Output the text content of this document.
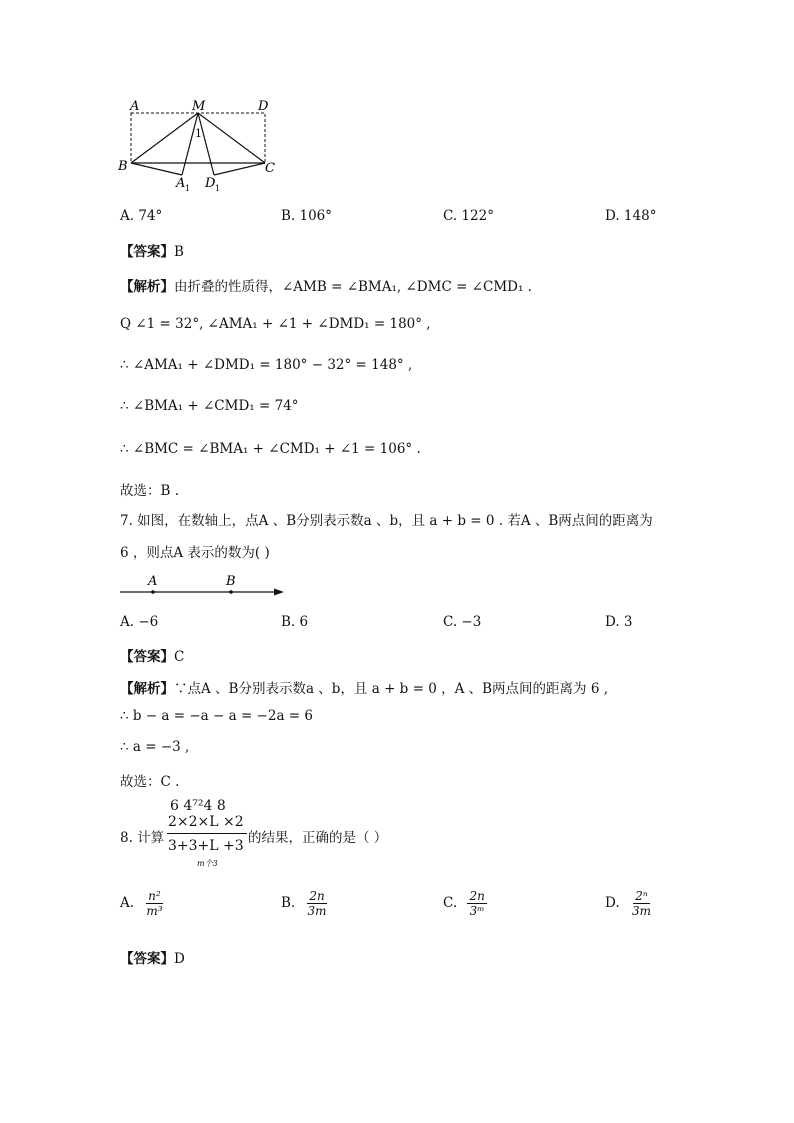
A	M	D
B	C
1
A 1 D 1
A. 74°	B. 106°	C. 122°	D. 148°
【答案】B
【解析】由折叠的性质得，∠AMB = ∠BMA₁, ∠DMC = ∠CMD₁ .
Q ∠1 = 32°, ∠AMA₁ + ∠1 + ∠DMD₁ = 180° ,
∴ ∠AMA₁ + ∠DMD₁ = 180° − 32° = 148° ,
∴ ∠BMA₁ + ∠CMD₁ = 74°
∴ ∠BMC = ∠BMA₁ + ∠CMD₁ + ∠1 = 106° .
故选：B .
7. 如图，在数轴上，点A 、B分别表示数a 、b，且 a + b = 0 . 若A 、B两点间的距离为
6 ，则点A 表示的数为( )
A	B
A. −6	B. 6	C. −3	D. 3
【答案】C
【解析】∵点A 、B分别表示数a 、b，且 a + b = 0 ，A 、B两点间的距离为 6 ,
∴ b − a = −a − a = −2a = 6
∴ a = −3 ,
故选：C .
6 4⁷²4 8
8. 计算
2×2×L ×2
3+3+L +3
m个3
的结果，正确的是（ ）
A. $\frac{\text{n²}}{\text{m³}}$	B. $\frac{2n}{3m}$	C. $\frac{2n}{\text{3ᵐ}}$	D. $\frac{\text{2ⁿ}}{3m}$
【答案】D
